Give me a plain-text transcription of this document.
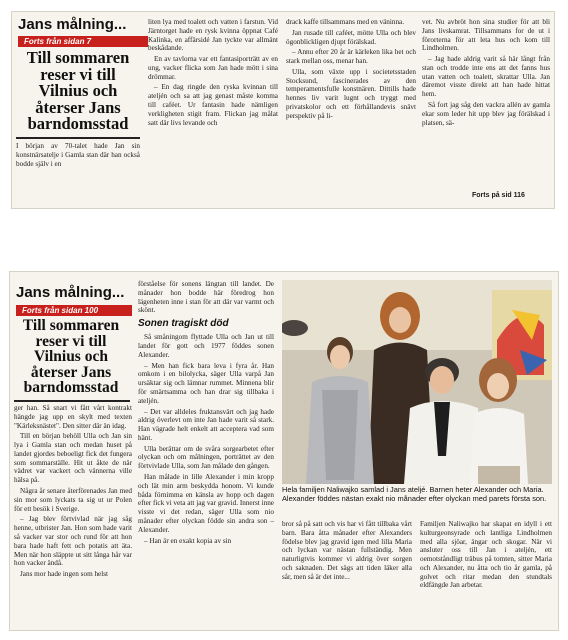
Jans målning...
Forts från sidan 7
Till sommaren
reser vi till
Vilnius och
återser Jans
barndomsstad

I början av 70-talet hade Jan sin konstnärsatelje i Gamla stan där han också bodde själv i en

liten lya med toalett och vatten i farstun. Vid Järntorget hade en rysk kvinna öppnat Café Kalinka, en affärsidé Jan tyckte var allmänt beskådande.

En av tavlorna var ett fantasiporträtt av en ung, vacker flicka som Jan hade mött i sina drömmar.

– En dag ringde den ryska kvinnan till ateljén och sa att jag genast måste komma till caféet. Ur fantasin hade nämligen verkligheten stigit fram. Flickan jag målat satt där livs levande och

drack kaffe tillsammans med en väninna.

Jan rusade till caféet, mötte Ulla och blev ögonblickligen djupt förälskad.

– Annu efter 20 år är kärleken lika het och stark mellan oss, menar han.

Ulla, som växte upp i societetsstaden Stocksund, fascinerades av den temperamentsfulle konstnären. Dittills hade hennes liv varit lugnt och tryggt med privatskolor och ett förhållandevis snävt perspektiv på li-

vet. Nu avbröt hon sina studier för att bli Jans livskamrat. Tillsammans for de ut i förorterna för att leta hus och kom till Lindholmen.

– Jag hade aldrig varit så här långt från stan och trodde inte ens att det fanns hus utan vatten och toalett, skrattar Ulla. Jan däremot visste direkt att han hade hittat hem.

Så fort jag såg den vackra allén av gamla ekar som leder hit upp blev jag förälskad i platsen, sä-

Forts på sid 116
Jans målning...
Forts från sidan 100
Till sommaren
reser vi till
Vilnius och
återser Jans
barndomsstad

ger han. Så snart vi fått vårt kontrakt hängde jag upp en skylt med texten "Kärleksnästet". Den sitter där än idag.

Till en början behöll Ulla och Jan sin lya i Gamla stan och medan huset på landet gjordes beboeligt fick det fungera som sommarställe. Hit ut åkte de när vädret var vackert och vännerna ville hälsa på.

Några år senare återförenades Jan med sin mor som lyckats ta sig ut ur Polen för ett besök i Sverige.

– Jag blev förtvivlad när jag såg henne, utbrister Jan. Hon som hade varit så vacker var stor och rund för att hon bara hade haft fett och potatis att äta. Men när hon släppte ut sitt långa hår var hon vacker ändå.

Jans mor hade ingen som helst

förståelse för sonens längtan till landet. De månader hon bodde här föredrog hon lägenheten inne i stan för att där var varmt och skönt.

Sonen tragiskt död

Så småningom flyttade Ulla och Jan ut till landet för gott och 1977 föddes sonen Alexander.

– Men han fick bara leva i fyra år. Han omkom i en bilolycka, säger Ulla varpå Jan ursäktar sig och lämnar rummet. Minnena blir för smärtsamma och han drar sig tillbaka i ateljén.

– Det var alldeles fruktansvärt och jag hade aldrig överlevt om inte Jan hade varit så stark. Han vägrade helt enkelt att acceptera vad som hänt.

Ulla berättar om de svåra sorgearbetet efter olyckan och om målningen, porträttet av den förtvivlade Ulla, som Jan målade den gången.

Han målade in lille Alexander i min kropp och lät min arm beskydda honom. Vi kunde båda förnimma en känsla av hopp och dagen efter fick vi veta att jag var gravid. Innerst inne visste vi det redan, säger Ulla som nio månader efter olyckan födde sin andra son – Alexander.

– Han är en exakt kopia av sin

Hela familjen Naliwajko samlad i Jans ateljé. Barnen heter Alexander och Maria. Alexander föddes nästan exakt nio månader efter olyckan med parets första son.

bror så på satt och vis har vi fått tillbaka vårt barn. Bara åtta månader efter Alexanders födelse blev jag gravid igen med lilla Maria och lyckan var nästan fullständig. Men naturligtvis kommer vi aldrig över sorgen och saknaden. Det sägs att tiden läker alla sår, men så är det inte...

Familjen Naliwajko har skapat en idyll i ett kulturgeonsyrade och lantliga Lindholmen med alla sjöar, ängar och skogar. När vi ansluter oss till Jan i ateljén, ett oemotståndligt träbus på tomten, sitter Maria och Alexander, nu åtta och tio år gamla, på golvet och ritar medan den stundtals eldfängde Jan arbetar.
